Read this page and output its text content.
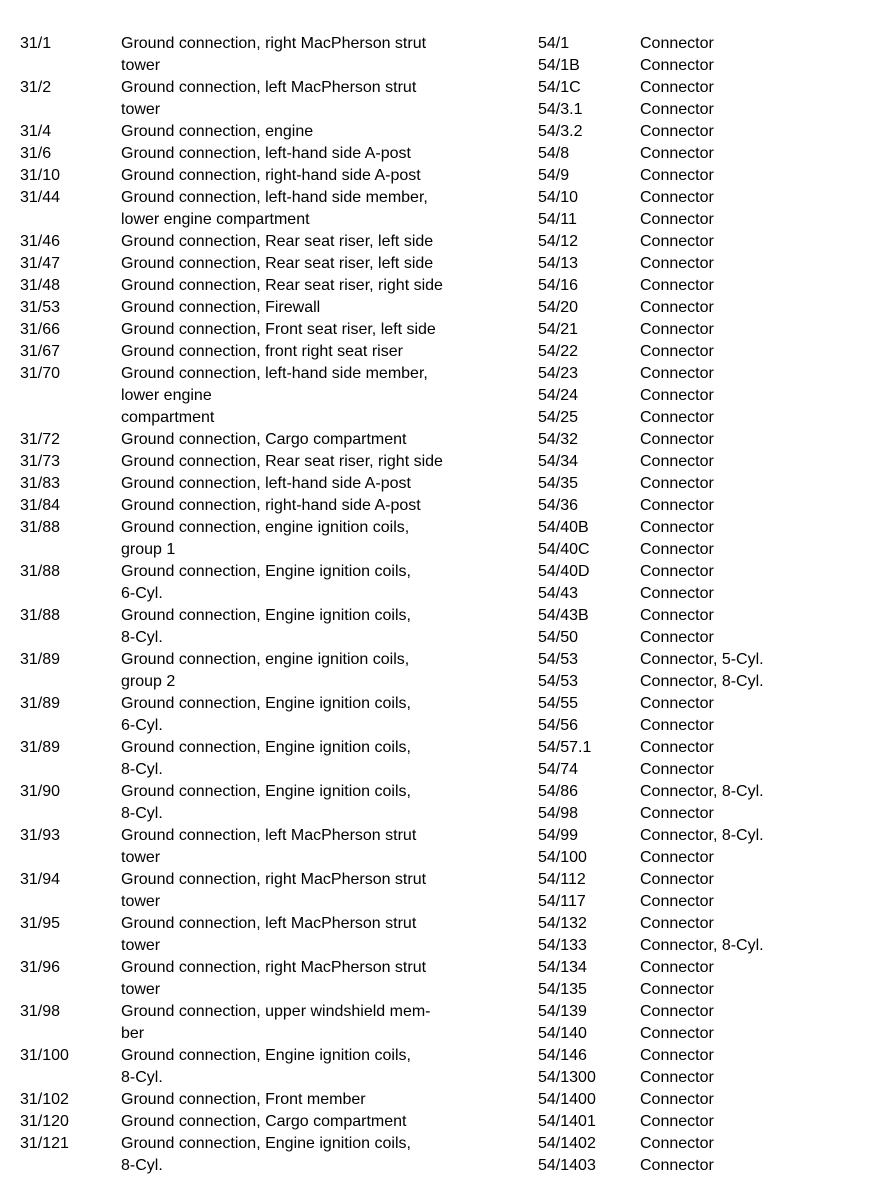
31/1	Ground connection, right MacPherson strut
tower
31/2	Ground connection, left MacPherson strut
tower
31/4	Ground connection, engine
31/6	Ground connection, left-hand side A-post
31/10	Ground connection, right-hand side A-post
31/44	Ground connection, left-hand side member,
lower engine compartment
31/46	Ground connection, Rear seat riser, left side
31/47	Ground connection, Rear seat riser, left side
31/48	Ground connection, Rear seat riser, right side
31/53	Ground connection, Firewall
31/66	Ground connection, Front seat riser, left side
31/67	Ground connection, front right seat riser
31/70	Ground connection, left-hand side member,
lower engine
compartment
31/72	Ground connection, Cargo compartment
31/73	Ground connection, Rear seat riser, right side
31/83	Ground connection, left-hand side A-post
31/84	Ground connection, right-hand side A-post
31/88	Ground connection, engine ignition coils,
group 1
31/88	Ground connection, Engine ignition coils,
6-Cyl.
31/88	Ground connection, Engine ignition coils,
8-Cyl.
31/89	Ground connection, engine ignition coils,
group 2
31/89	Ground connection, Engine ignition coils,
6-Cyl.
31/89	Ground connection, Engine ignition coils,
8-Cyl.
31/90	Ground connection, Engine ignition coils,
8-Cyl.
31/93	Ground connection, left MacPherson strut
tower
31/94	Ground connection, right MacPherson strut
tower
31/95	Ground connection, left MacPherson strut
tower
31/96	Ground connection, right MacPherson strut
tower
31/98	Ground connection, upper windshield mem-
ber
31/100	Ground connection, Engine ignition coils,
8-Cyl.
31/102	Ground connection, Front member
31/120	Ground connection, Cargo compartment
31/121	Ground connection, Engine ignition coils,
8-Cyl.
54/1	Connector
54/1B	Connector
54/1C	Connector
54/3.1	Connector
54/3.2	Connector
54/8	Connector
54/9	Connector
54/10	Connector
54/11	Connector
54/12	Connector
54/13	Connector
54/16	Connector
54/20	Connector
54/21	Connector
54/22	Connector
54/23	Connector
54/24	Connector
54/25	Connector
54/32	Connector
54/34	Connector
54/35	Connector
54/36	Connector
54/40B	Connector
54/40C	Connector
54/40D	Connector
54/43	Connector
54/43B	Connector
54/50	Connector
54/53	Connector, 5-Cyl.
54/53	Connector, 8-Cyl.
54/55	Connector
54/56	Connector
54/57.1	Connector
54/74	Connector
54/86	Connector, 8-Cyl.
54/98	Connector
54/99	Connector, 8-Cyl.
54/100	Connector
54/112	Connector
54/117	Connector
54/132	Connector
54/133	Connector, 8-Cyl.
54/134	Connector
54/135	Connector
54/139	Connector
54/140	Connector
54/146	Connector
54/1300	Connector
54/1400	Connector
54/1401	Connector
54/1402	Connector
54/1403	Connector
